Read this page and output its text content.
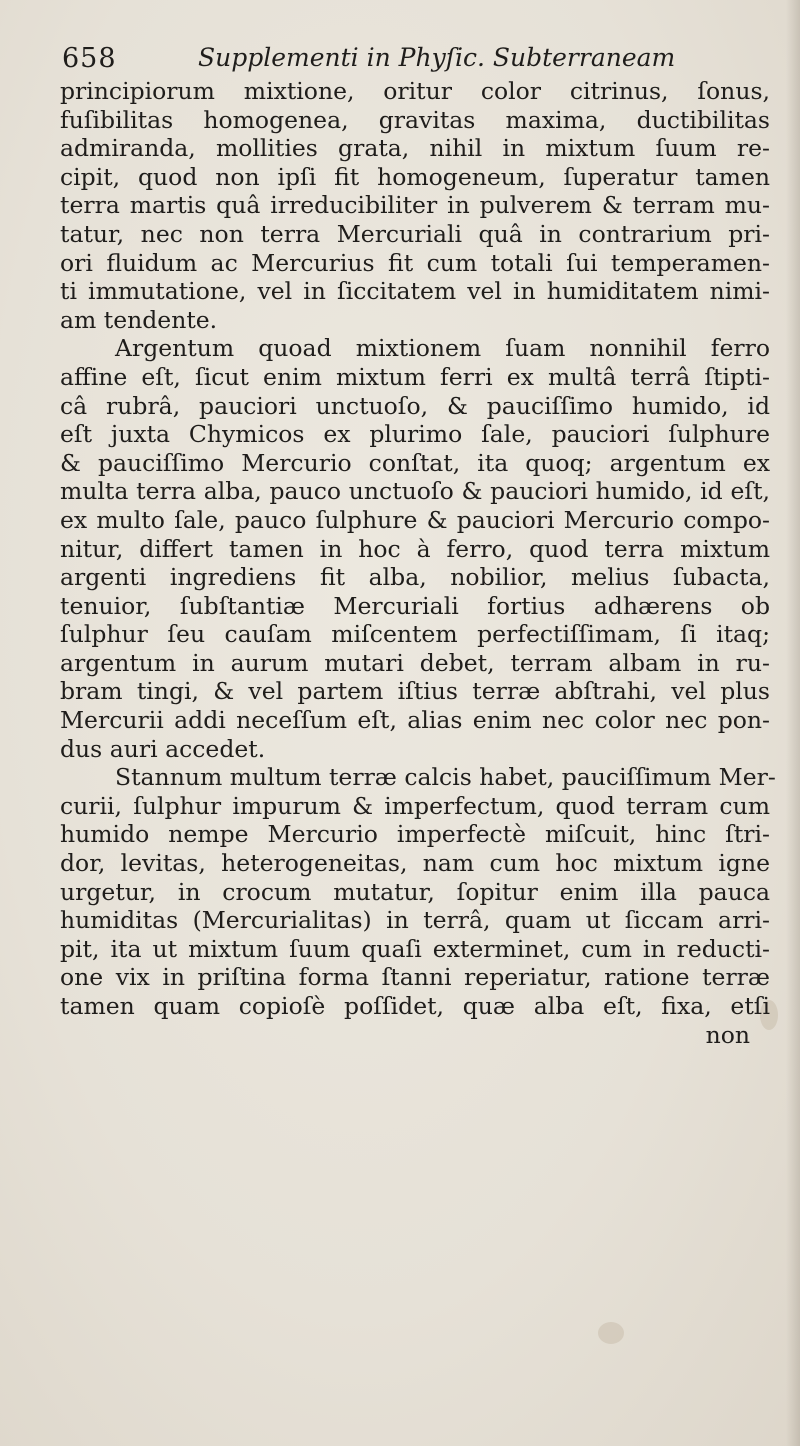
658	Supplementi in Phyſic. Subterraneam
principiorum mixtione, oritur color citrinus, ſonus,
fuſibilitas homogenea, gravitas maxima, ductibilitas
admiranda, mollities grata, nihil in mixtum ſuum re-
cipit, quod non ipſi fit homogeneum, ſuperatur tamen
terra martis quâ irreducibiliter in pulverem & terram mu-
tatur, nec non terra Mercuriali quâ in contrarium pri-
ori fluidum ac Mercurius fit cum totali ſui temperamen-
ti immutatione, vel in ſiccitatem vel in humiditatem nimi-
am tendente.
Argentum quoad mixtionem ſuam nonnihil ferro
affine eſt, ſicut enim mixtum ferri ex multâ terrâ ſtipti-
câ rubrâ, pauciori unctuoſo, & pauciſſimo humido, id
eſt juxta Chymicos ex plurimo ſale, pauciori ſulphure
& pauciſſimo Mercurio conſtat, ita quoq; argentum ex
multa terra alba, pauco unctuoſo & pauciori humido, id eſt,
ex multo ſale, pauco ſulphure & pauciori Mercurio compo-
nitur, differt tamen in hoc à ferro, quod terra mixtum
argenti ingrediens fit alba, nobilior, melius ſubacta,
tenuior, ſubſtantiæ Mercuriali fortius adhærens ob
ſulphur ſeu cauſam miſcentem perfectiſſimam, ſi itaq;
argentum in aurum mutari debet, terram albam in ru-
bram tingi, & vel partem iſtius terræ abſtrahi, vel plus
Mercurii addi neceſſum eſt, alias enim nec color nec pon-
dus auri accedet.
Stannum multum terræ calcis habet, pauciſſimum Mer-
curii, ſulphur impurum & imperfectum, quod terram cum
humido nempe Mercurio imperfectè miſcuit, hinc ſtri-
dor, levitas, heterogeneitas, nam cum hoc mixtum igne
urgetur, in crocum mutatur, ſopitur enim illa pauca
humiditas (Mercurialitas) in terrâ, quam ut ſiccam arri-
pit, ita ut mixtum ſuum quaſi exterminet, cum in reducti-
one vix in priſtina forma ſtanni reperiatur, ratione terræ
tamen quam copioſè poſſidet, quæ alba eſt, fixa, etſi
non
